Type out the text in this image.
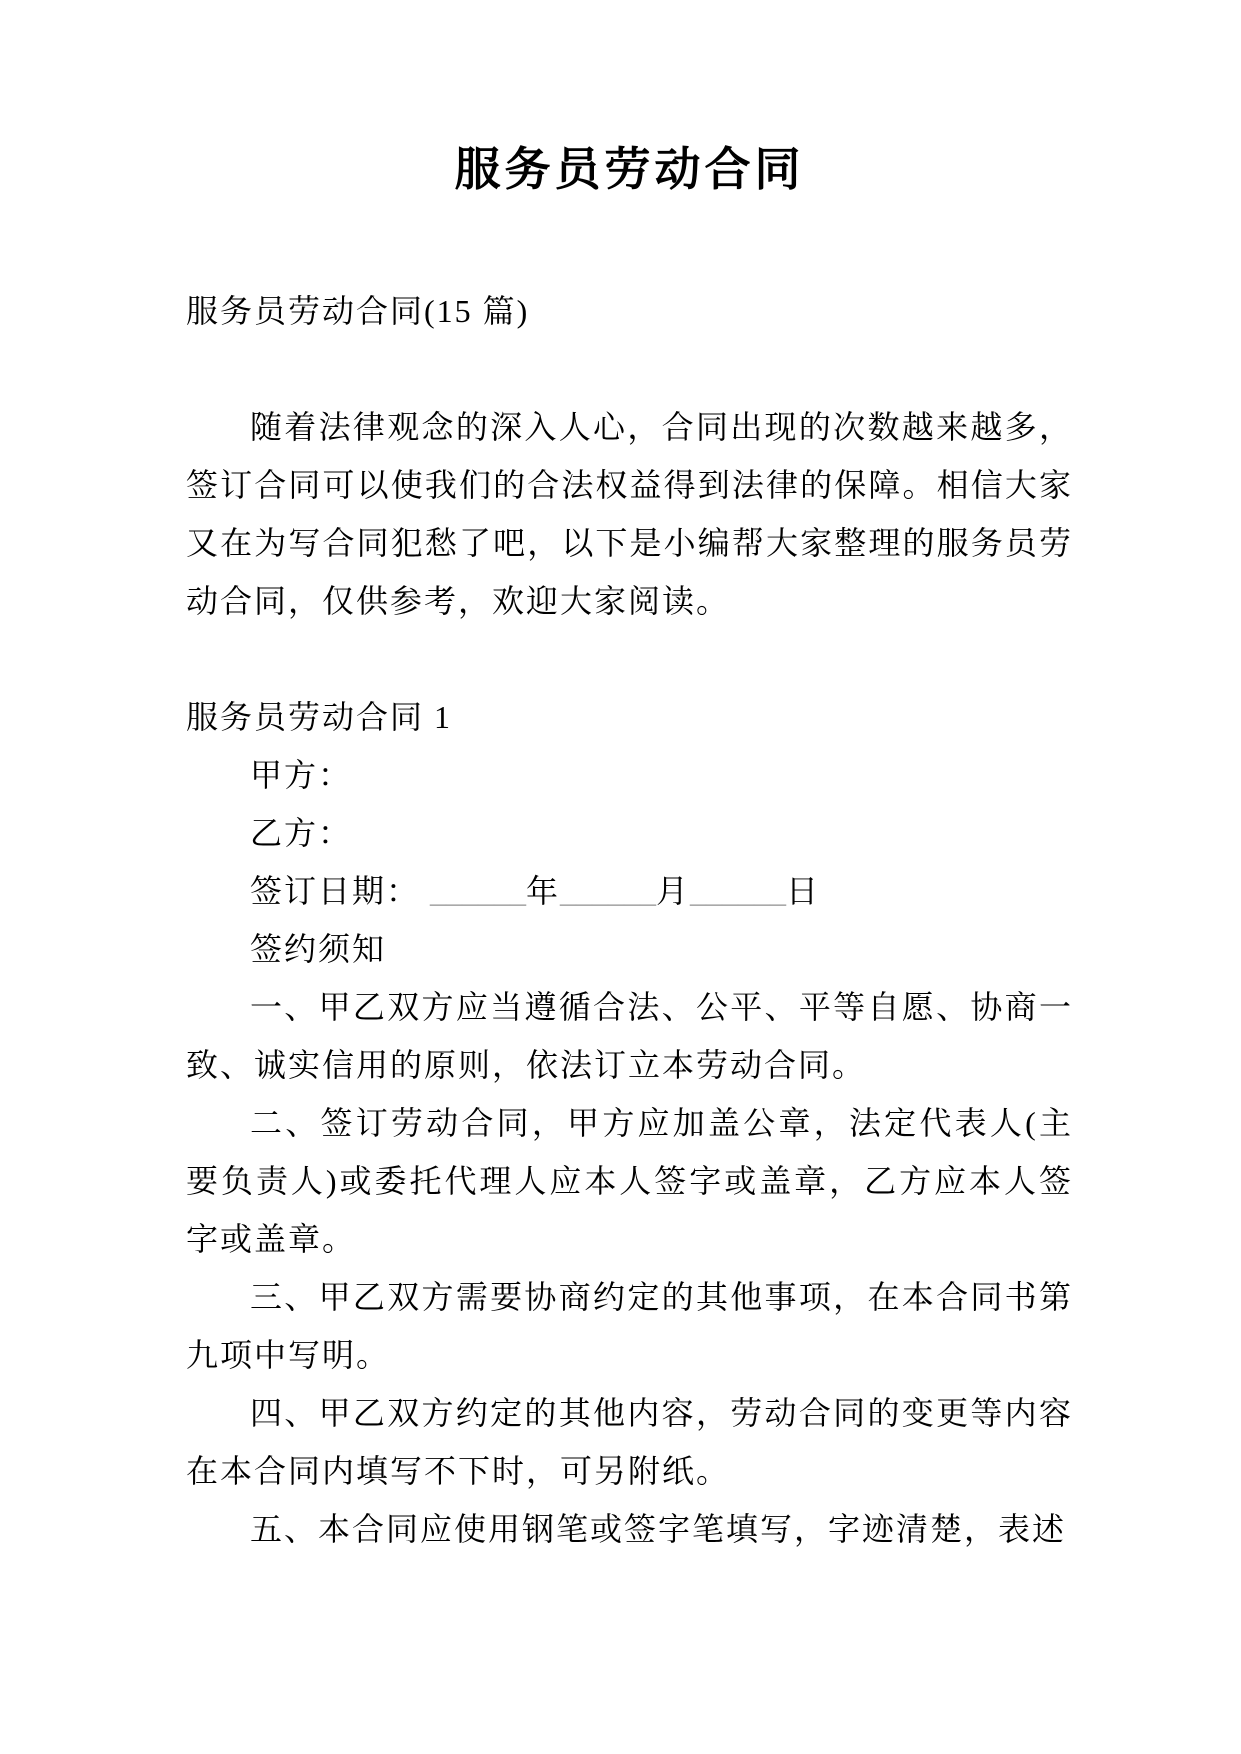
服务员劳动合同

服务员劳动合同(15 篇)

随着法律观念的深入人心，合同出现的次数越来越多，签订合同可以使我们的合法权益得到法律的保障。相信大家又在为写合同犯愁了吧，以下是小编帮大家整理的服务员劳动合同，仅供参考，欢迎大家阅读。

服务员劳动合同 1

甲方：

乙方：

签订日期： ______年______月______日

签约须知

一、甲乙双方应当遵循合法、公平、平等自愿、协商一致、诚实信用的原则，依法订立本劳动合同。

二、签订劳动合同，甲方应加盖公章，法定代表人(主要负责人)或委托代理人应本人签字或盖章，乙方应本人签字或盖章。

三、甲乙双方需要协商约定的其他事项，在本合同书第九项中写明。

四、甲乙双方约定的其他内容，劳动合同的变更等内容在本合同内填写不下时，可另附纸。

五、本合同应使用钢笔或签字笔填写，字迹清楚，表述
